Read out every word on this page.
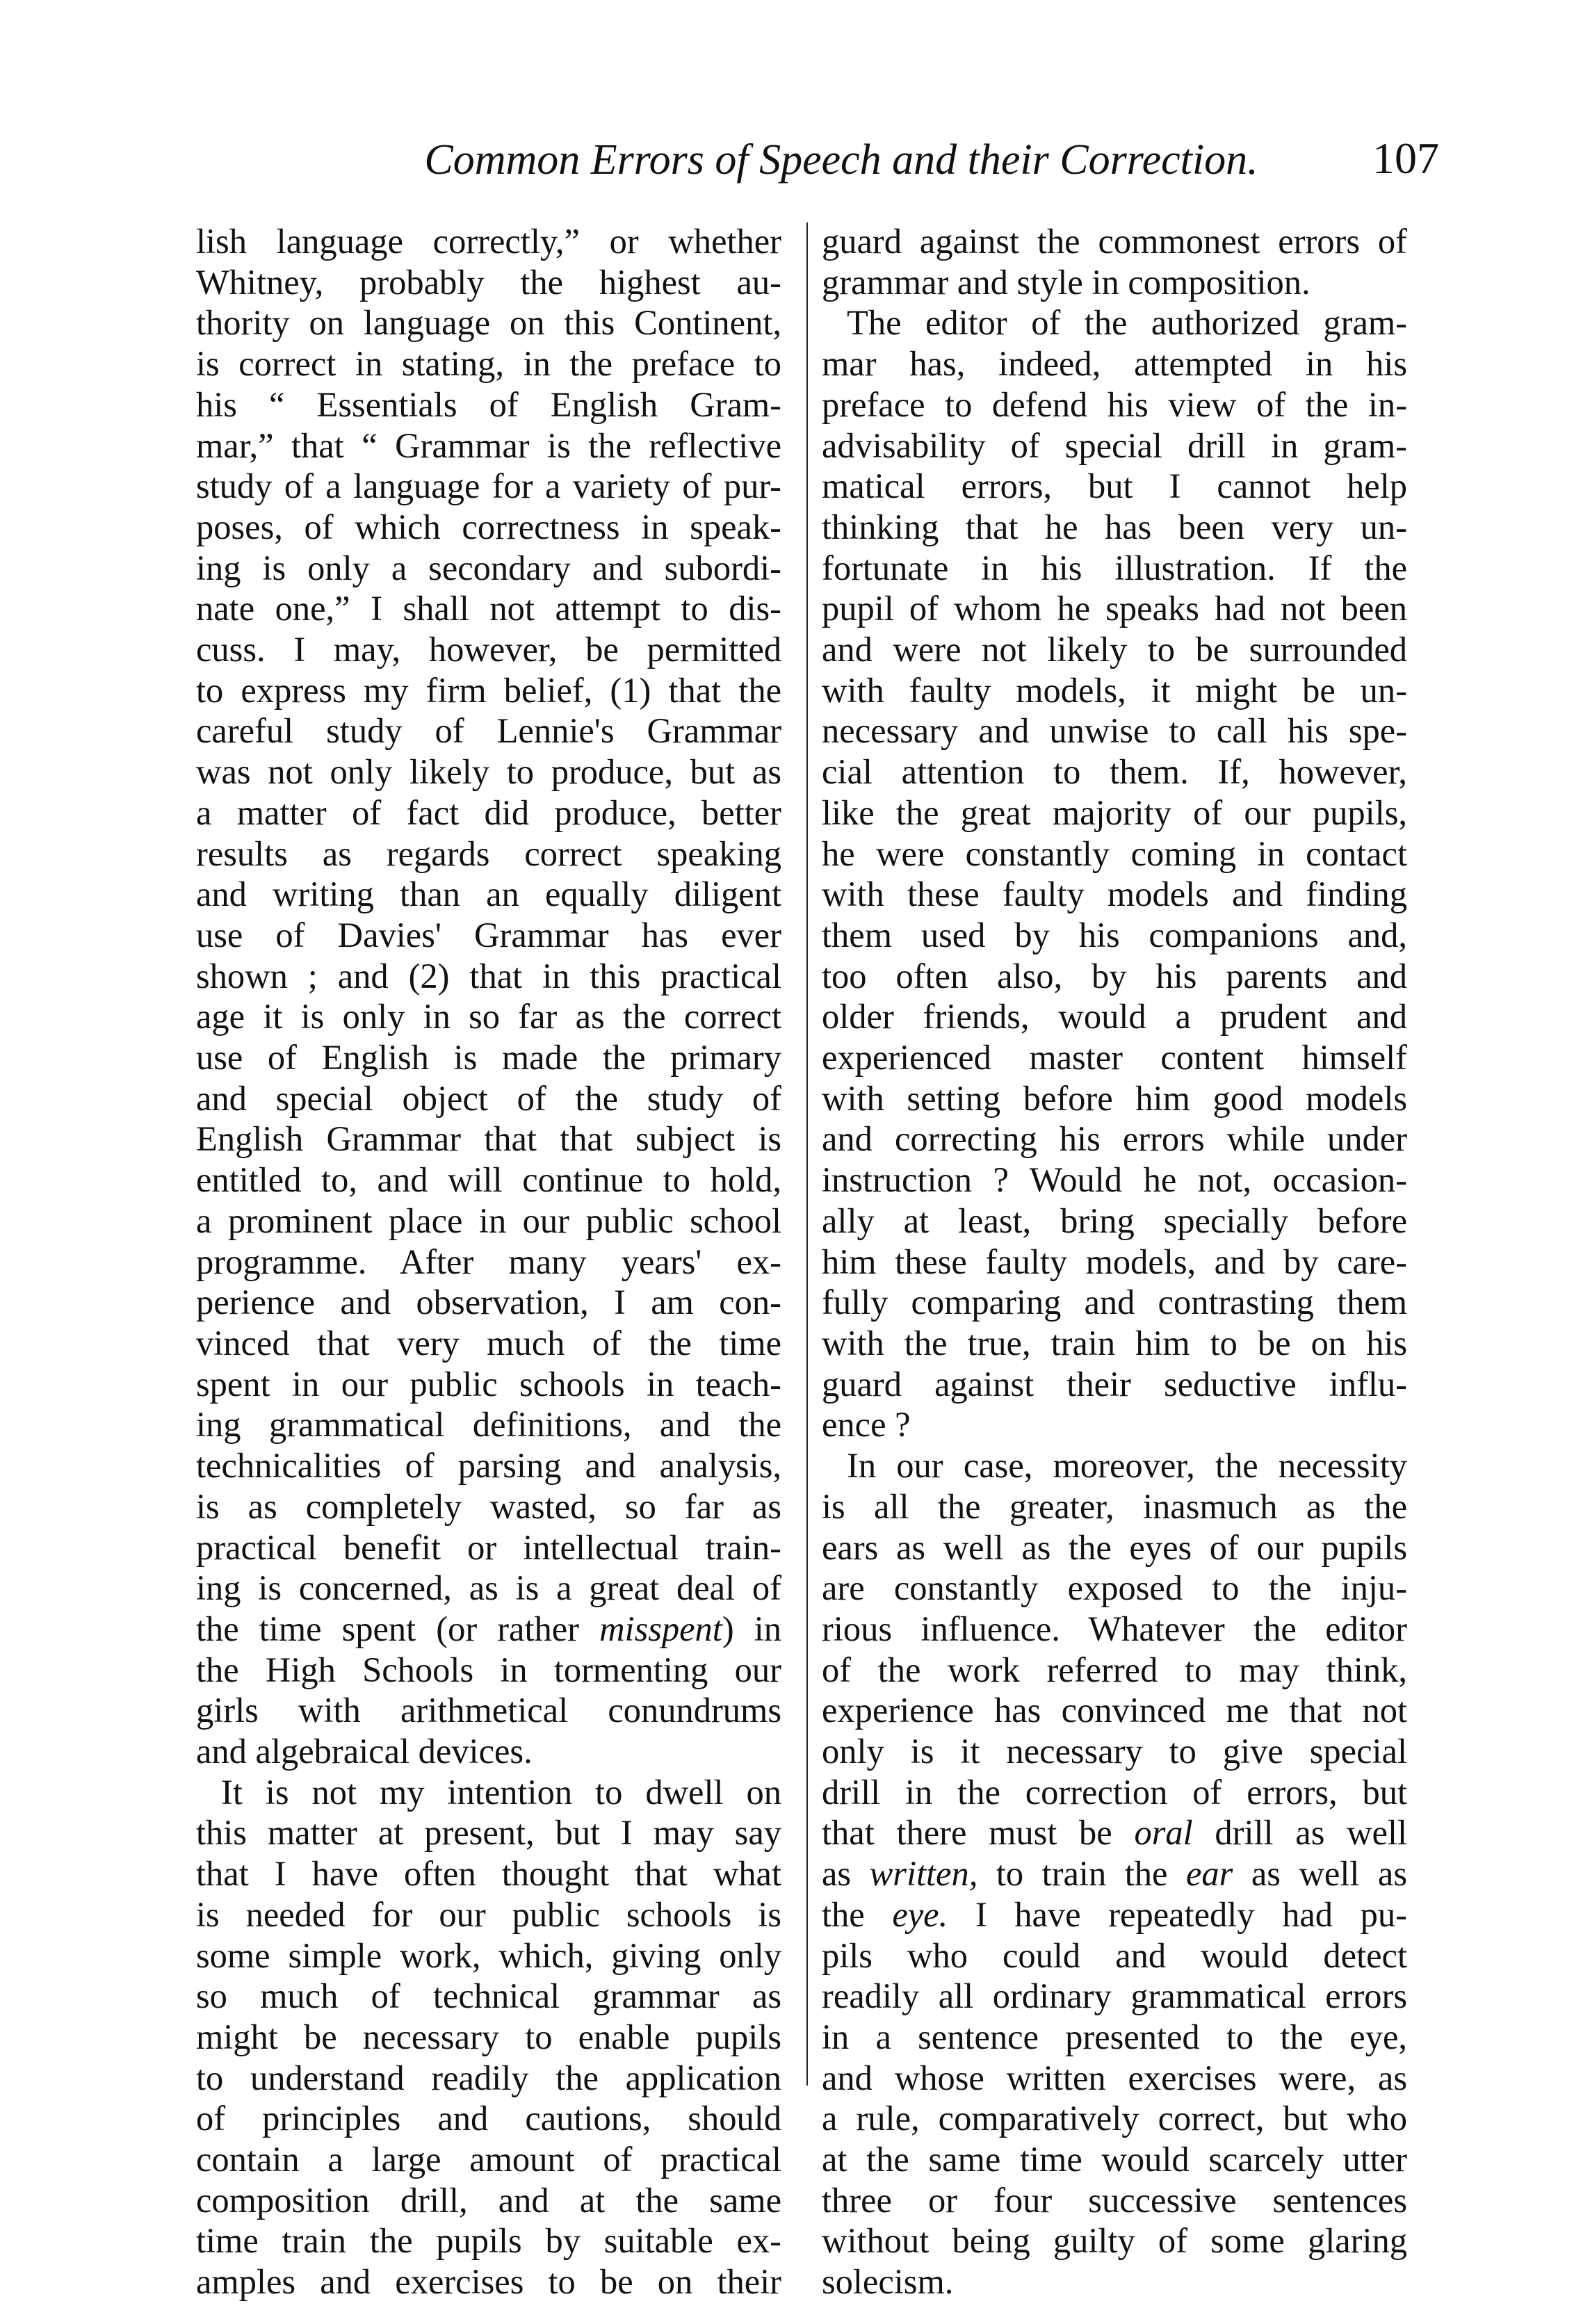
Common Errors of Speech and their Correction.	107
lish language correctly,” or whether
Whitney, probably the highest au-
thority on language on this Continent,
is correct in stating, in the preface to
his “ Essentials of English Gram-
mar,” that “ Grammar is the reflective
study of a language for a variety of pur-
poses, of which correctness in speak-
ing is only a secondary and subordi-
nate one,” I shall not attempt to dis-
cuss. I may, however, be permitted
to express my firm belief, (1) that the
careful study of Lennie's Grammar
was not only likely to produce, but as
a matter of fact did produce, better
results as regards correct speaking
and writing than an equally diligent
use of Davies' Grammar has ever
shown ; and (2) that in this practical
age it is only in so far as the correct
use of English is made the primary
and special object of the study of
English Grammar that that subject is
entitled to, and will continue to hold,
a prominent place in our public school
programme. After many years' ex-
perience and observation, I am con-
vinced that very much of the time
spent in our public schools in teach-
ing grammatical definitions, and the
technicalities of parsing and analysis,
is as completely wasted, so far as
practical benefit or intellectual train-
ing is concerned, as is a great deal of
the time spent (or rather misspent) in
the High Schools in tormenting our
girls with arithmetical conundrums
and algebraical devices.
It is not my intention to dwell on
this matter at present, but I may say
that I have often thought that what
is needed for our public schools is
some simple work, which, giving only
so much of technical grammar as
might be necessary to enable pupils
to understand readily the application
of principles and cautions, should
contain a large amount of practical
composition drill, and at the same
time train the pupils by suitable ex-
amples and exercises to be on their
guard against the commonest errors of
grammar and style in composition.
The editor of the authorized gram-
mar has, indeed, attempted in his
preface to defend his view of the in-
advisability of special drill in gram-
matical errors, but I cannot help
thinking that he has been very un-
fortunate in his illustration. If the
pupil of whom he speaks had not been
and were not likely to be surrounded
with faulty models, it might be un-
necessary and unwise to call his spe-
cial attention to them. If, however,
like the great majority of our pupils,
he were constantly coming in contact
with these faulty models and finding
them used by his companions and,
too often also, by his parents and
older friends, would a prudent and
experienced master content himself
with setting before him good models
and correcting his errors while under
instruction ? Would he not, occasion-
ally at least, bring specially before
him these faulty models, and by care-
fully comparing and contrasting them
with the true, train him to be on his
guard against their seductive influ-
ence ?
In our case, moreover, the necessity
is all the greater, inasmuch as the
ears as well as the eyes of our pupils
are constantly exposed to the inju-
rious influence. Whatever the editor
of the work referred to may think,
experience has convinced me that not
only is it necessary to give special
drill in the correction of errors, but
that there must be oral drill as well
as written, to train the ear as well as
the eye. I have repeatedly had pu-
pils who could and would detect
readily all ordinary grammatical errors
in a sentence presented to the eye,
and whose written exercises were, as
a rule, comparatively correct, but who
at the same time would scarcely utter
three or four successive sentences
without being guilty of some glaring
solecism.
